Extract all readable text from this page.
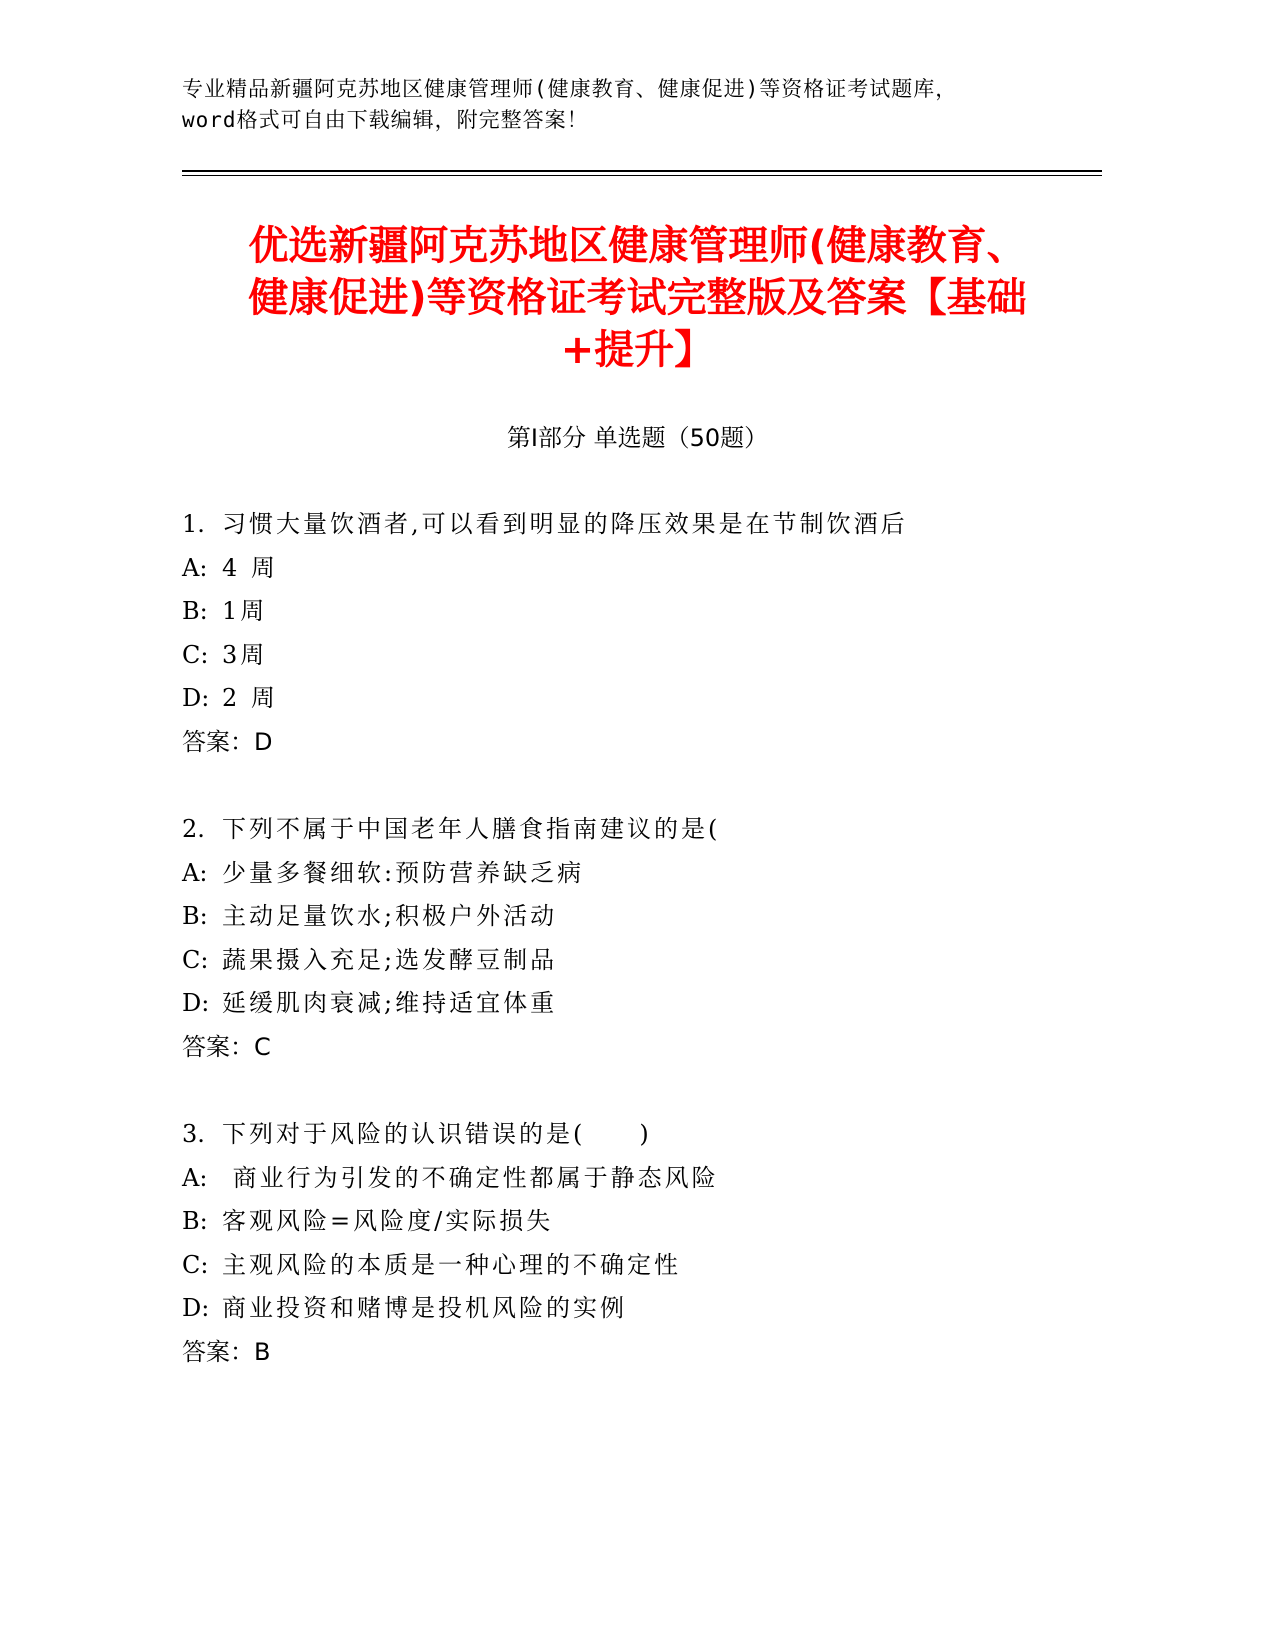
专业精品新疆阿克苏地区健康管理师(健康教育、健康促进)等资格证考试题库，
word格式可自由下载编辑，附完整答案！
优选新疆阿克苏地区健康管理师(健康教育、
健康促进)等资格证考试完整版及答案【基础
+提升】
第Ⅰ部分 单选题（50题）
1. 习惯大量饮酒者,可以看到明显的降压效果是在节制饮酒后
A: 4 周
B: 1周
C: 3周
D: 2 周
答案：D
2. 下列不属于中国老年人膳食指南建议的是(
A: 少量多餐细软:预防营养缺乏病
B: 主动足量饮水;积极户外活动
C: 蔬果摄入充足;选发酵豆制品
D: 延缓肌肉衰减;维持适宜体重
答案：C
3. 下列对于风险的认识错误的是(　　)
A: 商业行为引发的不确定性都属于静态风险
B: 客观风险=风险度/实际损失
C: 主观风险的本质是一种心理的不确定性
D: 商业投资和赌博是投机风险的实例
答案：B
